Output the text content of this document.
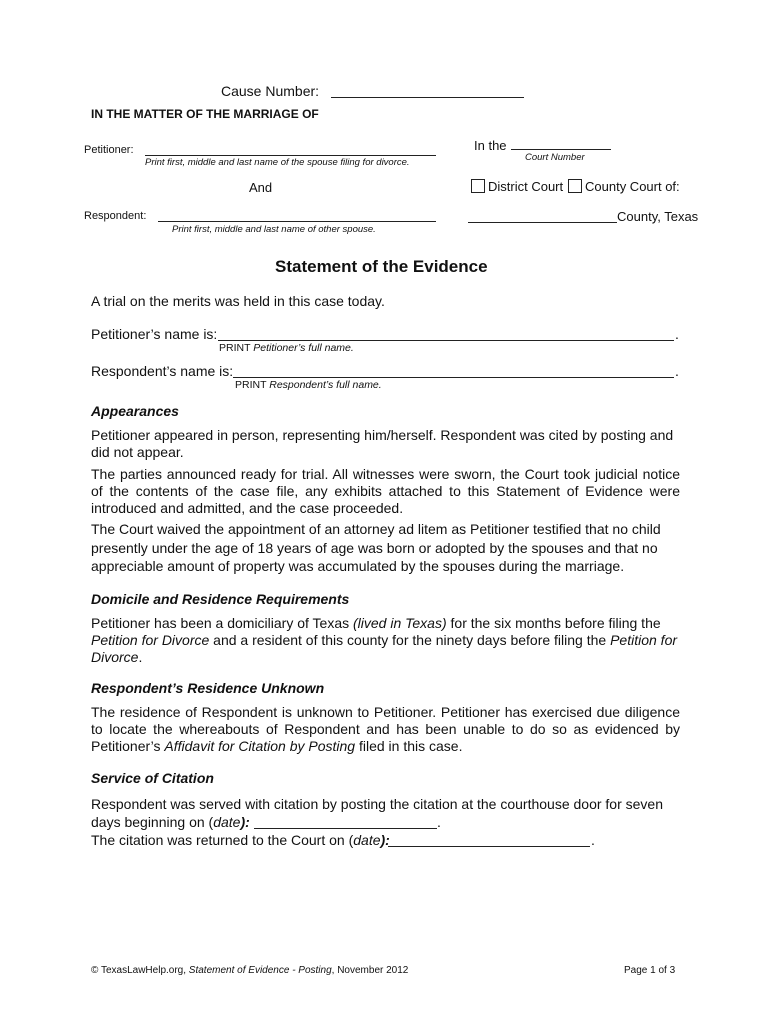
Cause Number:
IN THE MATTER OF THE MARRIAGE OF
Petitioner:
Print first, middle and last name of the spouse filing for divorce.
And
Respondent:
Print first, middle and last name of other spouse.
In the
Court Number
District Court County Court of:
County, Texas
Statement of the Evidence
A trial on the merits was held in this case today.
Petitioner’s name is:	.
PRINT Petitioner’s full name.
Respondent’s name is:	.
PRINT Respondent’s full name.
Appearances
Petitioner appeared in person, representing him/herself. Respondent was cited by posting and did not appear.
The parties announced ready for trial. All witnesses were sworn, the Court took judicial notice of the contents of the case file, any exhibits attached to this Statement of Evidence were introduced and admitted, and the case proceeded.
The Court waived the appointment of an attorney ad litem as Petitioner testified that no child
presently under the age of 18 years of age was born or adopted by the spouses and that no
appreciable amount of property was accumulated by the spouses during the marriage.
Domicile and Residence Requirements
Petitioner has been a domiciliary of Texas (lived in Texas) for the six months before filing the Petition for Divorce and a resident of this county for the ninety days before filing the Petition for Divorce.
Respondent’s Residence Unknown
The residence of Respondent is unknown to Petitioner. Petitioner has exercised due diligence to locate the whereabouts of Respondent and has been unable to do so as evidenced by Petitioner’s Affidavit for Citation by Posting filed in this case.
Service of Citation
Respondent was served with citation by posting the citation at the courthouse door for seven
days beginning on (date):	.
The citation was returned to the Court on (date):	.
© TexasLawHelp.org, Statement of Evidence - Posting, November 2012	Page 1 of 3
